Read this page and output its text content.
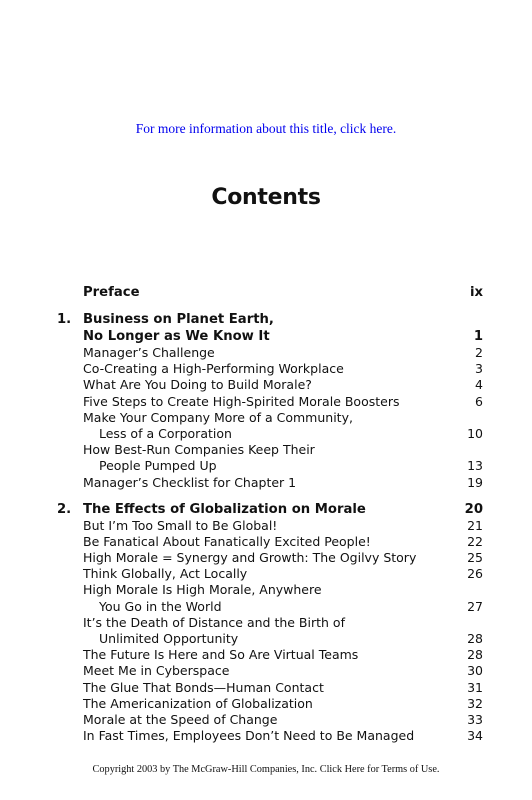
For more information about this title, click here.
Contents
Preface	ix
1. Business on Planet Earth,
No Longer as We Know It	1
Manager’s Challenge	2
Co-Creating a High-Performing Workplace	3
What Are You Doing to Build Morale?	4
Five Steps to Create High-Spirited Morale Boosters	6
Make Your Company More of a Community,
Less of a Corporation	10
How Best-Run Companies Keep Their
People Pumped Up	13
Manager’s Checklist for Chapter 1	19
2. The Effects of Globalization on Morale	20
But I’m Too Small to Be Global!	21
Be Fanatical About Fanatically Excited People!	22
High Morale = Synergy and Growth: The Ogilvy Story	25
Think Globally, Act Locally	26
High Morale Is High Morale, Anywhere
You Go in the World	27
It’s the Death of Distance and the Birth of
Unlimited Opportunity	28
The Future Is Here and So Are Virtual Teams	28
Meet Me in Cyberspace	30
The Glue That Bonds—Human Contact	31
The Americanization of Globalization	32
Morale at the Speed of Change	33
In Fast Times, Employees Don’t Need to Be Managed	34
Copyright 2003 by The McGraw-Hill Companies, Inc. Click Here for Terms of Use.
